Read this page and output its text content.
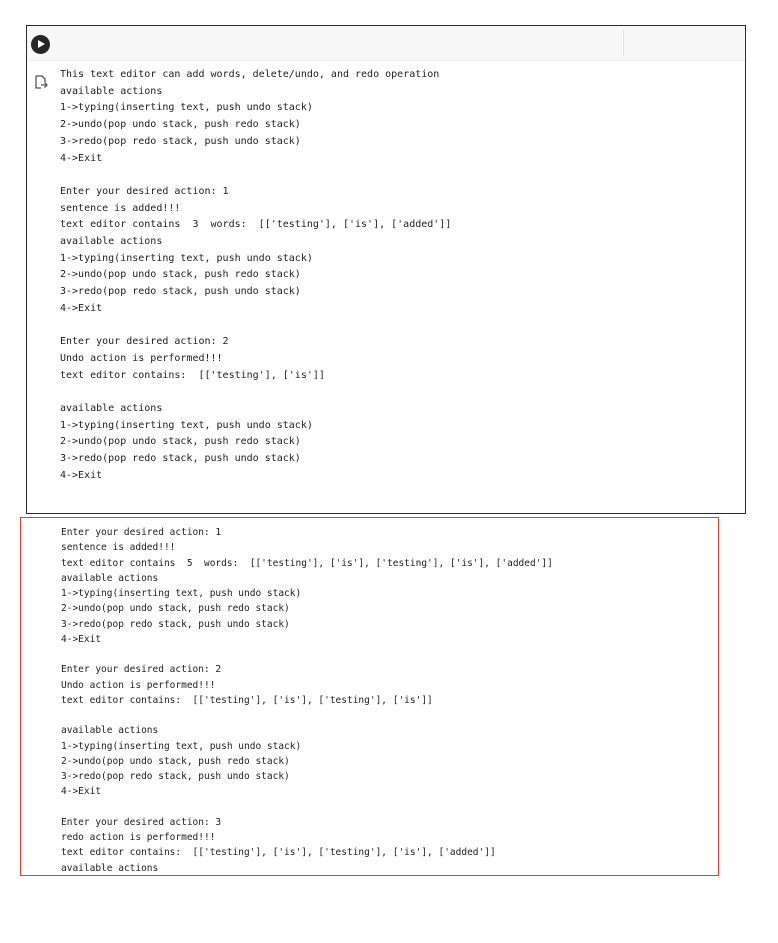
This text editor can add words, delete/undo, and redo operation
available actions
1->typing(inserting text, push undo stack)
2->undo(pop undo stack, push redo stack)
3->redo(pop redo stack, push undo stack)
4->Exit

Enter your desired action: 1
sentence is added!!!
text editor contains  3  words:  [['testing'], ['is'], ['added']]
available actions
1->typing(inserting text, push undo stack)
2->undo(pop undo stack, push redo stack)
3->redo(pop redo stack, push undo stack)
4->Exit

Enter your desired action: 2
Undo action is performed!!!
text editor contains:  [['testing'], ['is']]

available actions
1->typing(inserting text, push undo stack)
2->undo(pop undo stack, push redo stack)
3->redo(pop redo stack, push undo stack)
4->Exit

Enter your desired action: 1
sentence is added!!!
text editor contains  5  words:  [['testing'], ['is'], ['testing'], ['is'], ['added']]
available actions
1->typing(inserting text, push undo stack)
2->undo(pop undo stack, push redo stack)
3->redo(pop redo stack, push undo stack)
4->Exit

Enter your desired action: 2
Undo action is performed!!!
text editor contains:  [['testing'], ['is'], ['testing'], ['is']]

available actions
1->typing(inserting text, push undo stack)
2->undo(pop undo stack, push redo stack)
3->redo(pop redo stack, push undo stack)
4->Exit

Enter your desired action: 3
redo action is performed!!!
text editor contains:  [['testing'], ['is'], ['testing'], ['is'], ['added']]
available actions
